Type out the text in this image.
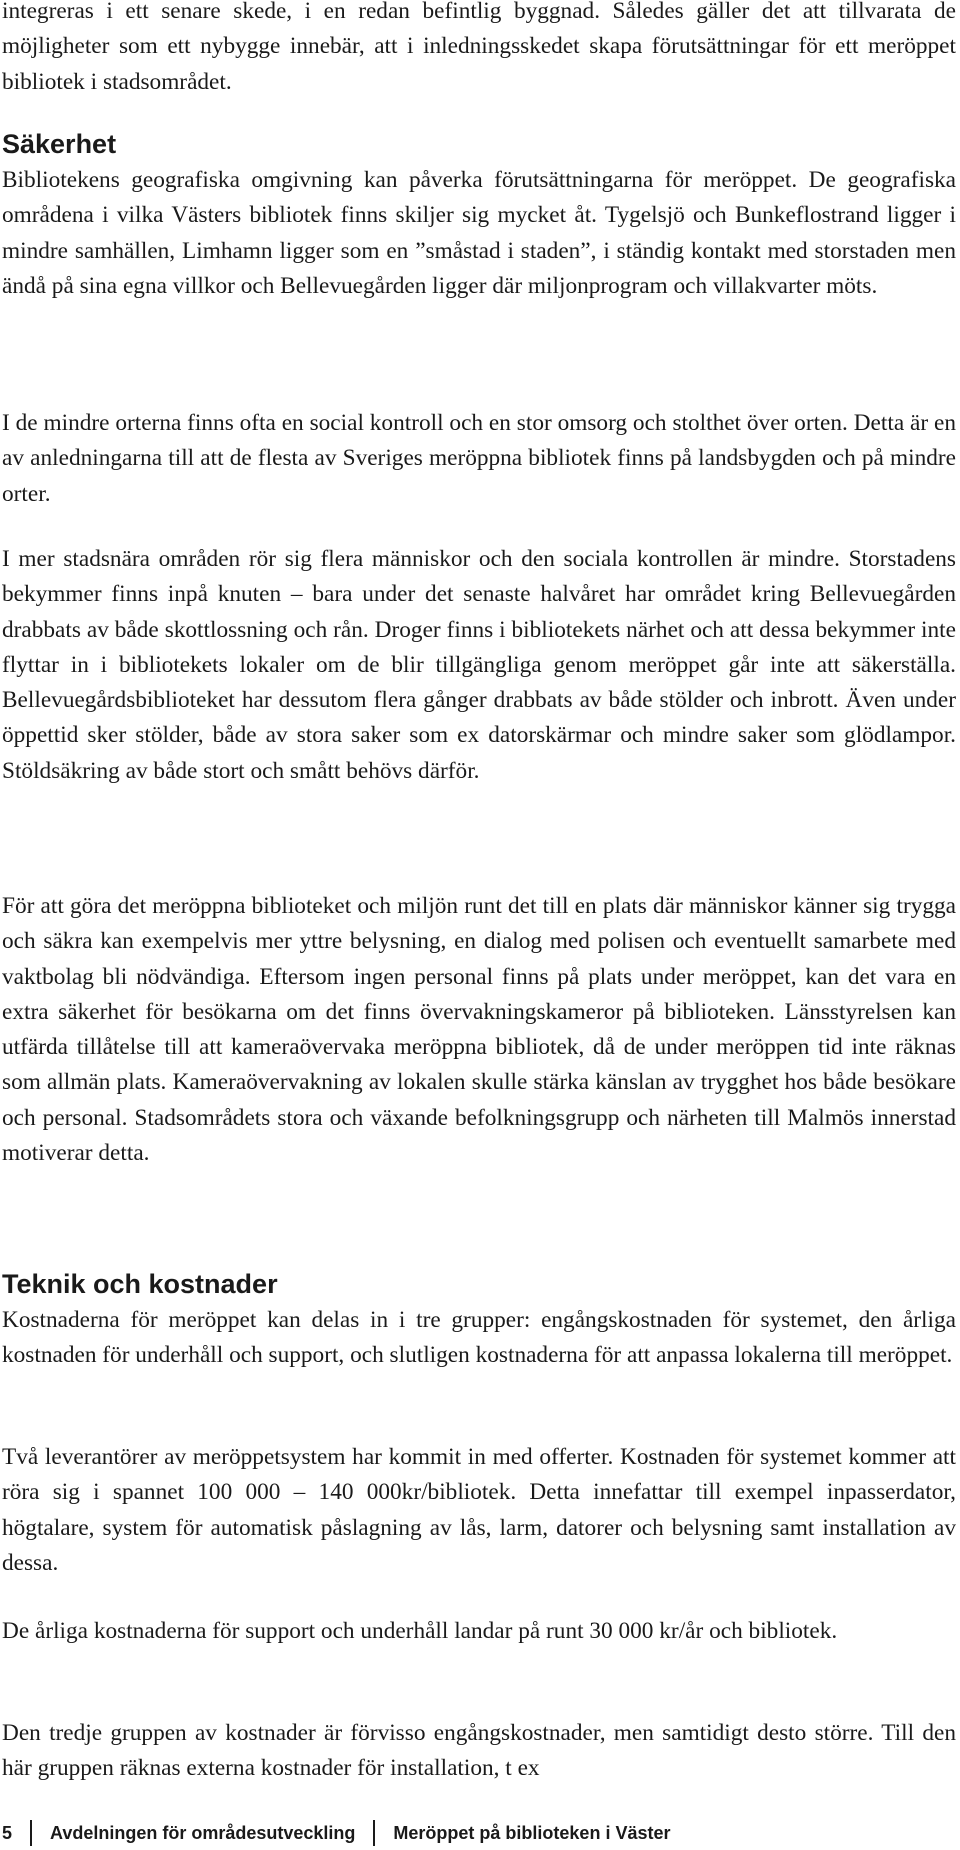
integreras i ett senare skede, i en redan befintlig byggnad. Således gäller det att tillvarata de möjligheter som ett nybygge innebär, att i inledningsskedet skapa förutsättningar för ett meröppet bibliotek i stadsområdet.

Säkerhet

Bibliotekens geografiska omgivning kan påverka förutsättningarna för meröppet. De geografiska områdena i vilka Västers bibliotek finns skiljer sig mycket åt. Tygelsjö och Bunkeflostrand ligger i mindre samhällen, Limhamn ligger som en ”småstad i staden”, i ständig kontakt med storstaden men ändå på sina egna villkor och Bellevuegården ligger där miljonprogram och villakvarter möts.

I de mindre orterna finns ofta en social kontroll och en stor omsorg och stolthet över orten. Detta är en av anledningarna till att de flesta av Sveriges meröppna bibliotek finns på landsbygden och på mindre orter.

I mer stadsnära områden rör sig flera människor och den sociala kontrollen är mindre. Storstadens bekymmer finns inpå knuten – bara under det senaste halvåret har området kring Bellevuegården drabbats av både skottlossning och rån. Droger finns i bibliotekets närhet och att dessa bekymmer inte flyttar in i bibliotekets lokaler om de blir tillgängliga genom meröppet går inte att säkerställa. Bellevuegårdsbiblioteket har dessutom flera gånger drabbats av både stölder och inbrott. Även under öppettid sker stölder, både av stora saker som ex datorskärmar och mindre saker som glödlampor. Stöldsäkring av både stort och smått behövs därför.

För att göra det meröppna biblioteket och miljön runt det till en plats där människor känner sig trygga och säkra kan exempelvis mer yttre belysning, en dialog med polisen och eventuellt samarbete med vaktbolag bli nödvändiga. Eftersom ingen personal finns på plats under meröppet, kan det vara en extra säkerhet för besökarna om det finns övervakningskameror på biblioteken. Länsstyrelsen kan utfärda tillåtelse till att kameraövervaka meröppna bibliotek, då de under meröppen tid inte räknas som allmän plats. Kameraövervakning av lokalen skulle stärka känslan av trygghet hos både besökare och personal. Stadsområdets stora och växande befolkningsgrupp och närheten till Malmös innerstad motiverar detta.

Teknik och kostnader

Kostnaderna för meröppet kan delas in i tre grupper: engångskostnaden för systemet, den årliga kostnaden för underhåll och support, och slutligen kostnaderna för att anpassa lokalerna till meröppet.

Två leverantörer av meröppetsystem har kommit in med offerter. Kostnaden för systemet kommer att röra sig i spannet 100 000 – 140 000kr/bibliotek. Detta innefattar till exempel inpasserdator, högtalare, system för automatisk påslagning av lås, larm, datorer och belysning samt installation av dessa.

De årliga kostnaderna för support och underhåll landar på runt 30 000 kr/år och bibliotek.

Den tredje gruppen av kostnader är förvisso engångskostnader, men samtidigt desto större. Till den här gruppen räknas externa kostnader för installation, t ex

5 Avdelningen för områdesutveckling Meröppet på biblioteken i Väster
